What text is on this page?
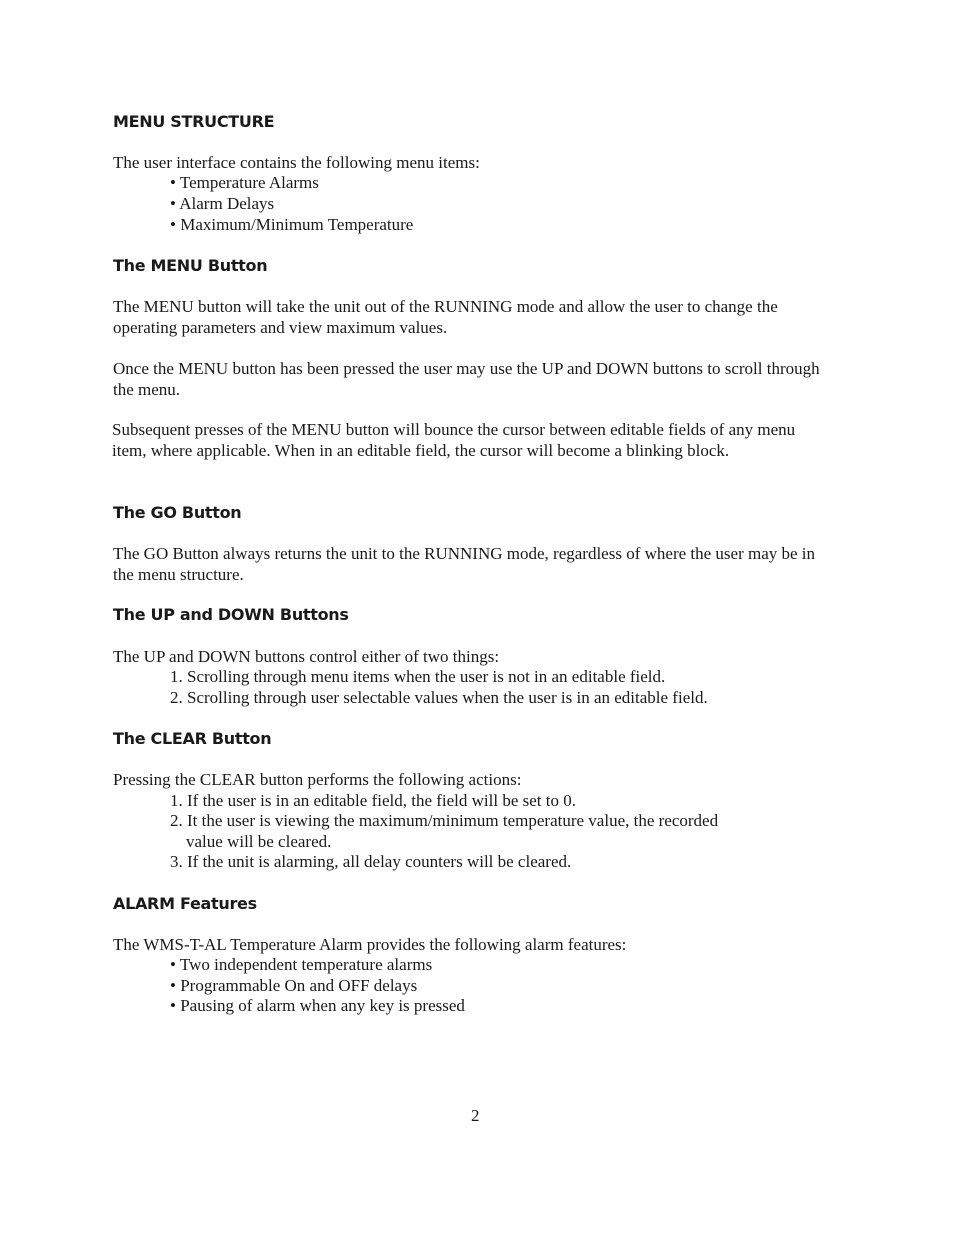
MENU STRUCTURE
The user interface contains the following menu items:
• Temperature Alarms
• Alarm Delays
• Maximum/Minimum Temperature
The MENU Button
The MENU button will take the unit out of the RUNNING mode and allow the user to change the operating parameters and view maximum values.
Once the MENU button has been pressed the user may use the UP and DOWN buttons to scroll through the menu.
Subsequent presses of the MENU button will bounce the cursor between editable fields of any menu item, where applicable. When in an editable field, the cursor will become a blinking block.
The GO Button
The GO Button always returns the unit to the RUNNING mode, regardless of where the user may be in the menu structure.
The UP and DOWN Buttons
The UP and DOWN buttons control either of two things:
1. Scrolling through menu items when the user is not in an editable field.
2. Scrolling through user selectable values when the user is in an editable field.
The CLEAR Button
Pressing the CLEAR button performs the following actions:
1. If the user is in an editable field, the field will be set to 0.
2. It the user is viewing the maximum/minimum temperature value, the recorded
value will be cleared.
3. If the unit is alarming, all delay counters will be cleared.
ALARM Features
The WMS-T-AL Temperature Alarm provides the following alarm features:
• Two independent temperature alarms
• Programmable On and OFF delays
• Pausing of alarm when any key is pressed
2
